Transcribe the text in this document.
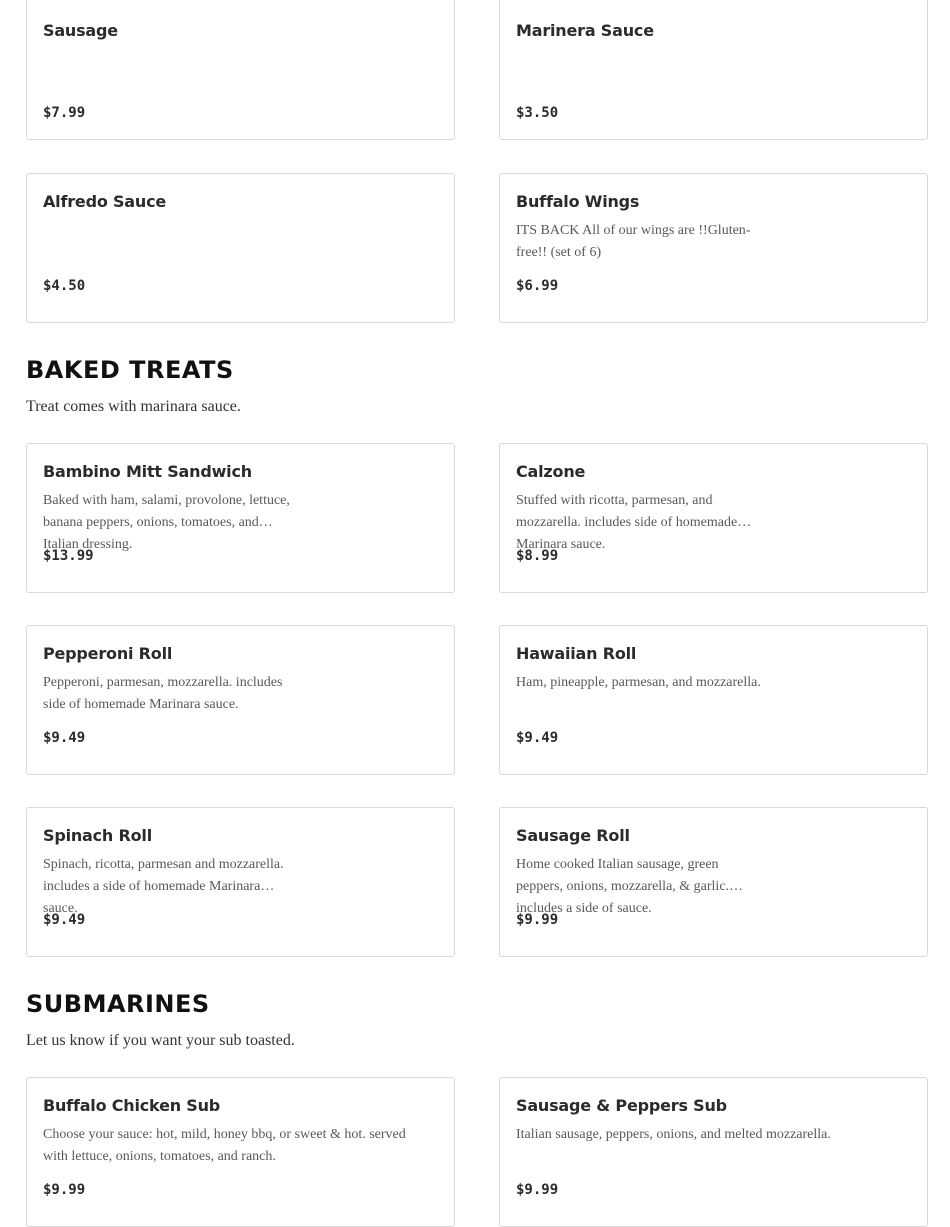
Sausage
$7.99
Marinera Sauce
$3.50
Alfredo Sauce
$4.50
Buffalo Wings
ITS BACK All of our wings are !!Gluten-free!! (set of 6)
$6.99
BAKED TREATS
Treat comes with marinara sauce.
Bambino Mitt Sandwich
Baked with ham, salami, provolone, lettuce, banana peppers, onions, tomatoes, and Italian dressing.
$13.99
Calzone
Stuffed with ricotta, parmesan, and mozzarella. includes side of homemade Marinara sauce.
$8.99
Pepperoni Roll
Pepperoni, parmesan, mozzarella. includes side of homemade Marinara sauce.
$9.49
Hawaiian Roll
Ham, pineapple, parmesan, and mozzarella.
$9.49
Spinach Roll
Spinach, ricotta, parmesan and mozzarella. includes a side of homemade Marinara sauce.
$9.49
Sausage Roll
Home cooked Italian sausage, green peppers, onions, mozzarella, & garlic. includes a side of sauce.
$9.99
SUBMARINES
Let us know if you want your sub toasted.
Buffalo Chicken Sub
Choose your sauce: hot, mild, honey bbq, or sweet & hot. served with lettuce, onions, tomatoes, and ranch.
$9.99
Sausage & Peppers Sub
Italian sausage, peppers, onions, and melted mozzarella.
$9.99
